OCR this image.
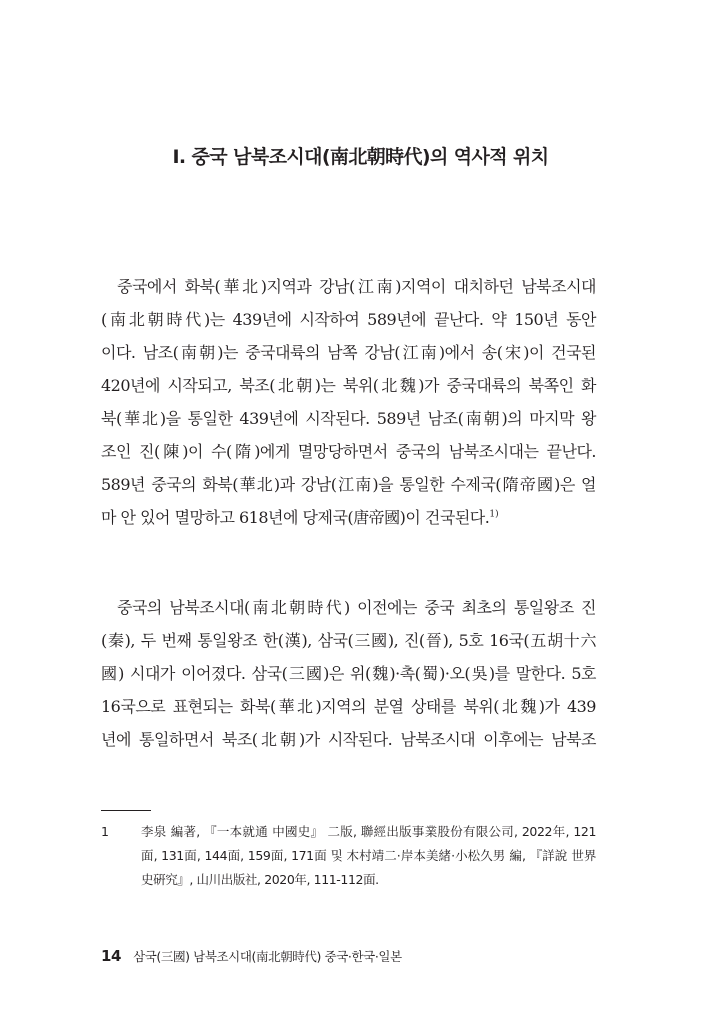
Ⅰ. 중국 남북조시대(南北朝時代)의 역사적 위치
중국에서 화북(華北)지역과 강남(江南)지역이 대치하던 남북조시대
(南北朝時代)는 439년에 시작하여 589년에 끝난다. 약 150년 동안
이다. 남조(南朝)는 중국대륙의 남쪽 강남(江南)에서 송(宋)이 건국된
420년에 시작되고, 북조(北朝)는 북위(北魏)가 중국대륙의 북쪽인 화
북(華北)을 통일한 439년에 시작된다. 589년 남조(南朝)의 마지막 왕
조인 진(陳)이 수(隋)에게 멸망당하면서 중국의 남북조시대는 끝난다.
589년 중국의 화북(華北)과 강남(江南)을 통일한 수제국(隋帝國)은 얼
마 안 있어 멸망하고 618년에 당제국(唐帝國)이 건국된다.$^{1)}$
중국의 남북조시대(南北朝時代) 이전에는 중국 최초의 통일왕조 진
(秦), 두 번째 통일왕조 한(漢), 삼국(三國), 진(晉), 5호 16국(五胡十六
國) 시대가 이어졌다. 삼국(三國)은 위(魏)·촉(蜀)·오(吳)를 말한다. 5호
16국으로 표현되는 화북(華北)지역의 분열 상태를 북위(北魏)가 439
년에 통일하면서 북조(北朝)가 시작된다. 남북조시대 이후에는 남북조
1	李泉 編著, 『一本就通 中國史』 二版, 聯經出版事業股份有限公司, 2022年, 121
面, 131面, 144面, 159面, 171面 및 木村靖二·岸本美緒·小松久男 編, 『詳說 世界
史硏究』, 山川出版社, 2020年, 111-112面.
14 삼국(三國) 남북조시대(南北朝時代) 중국·한국·일본
